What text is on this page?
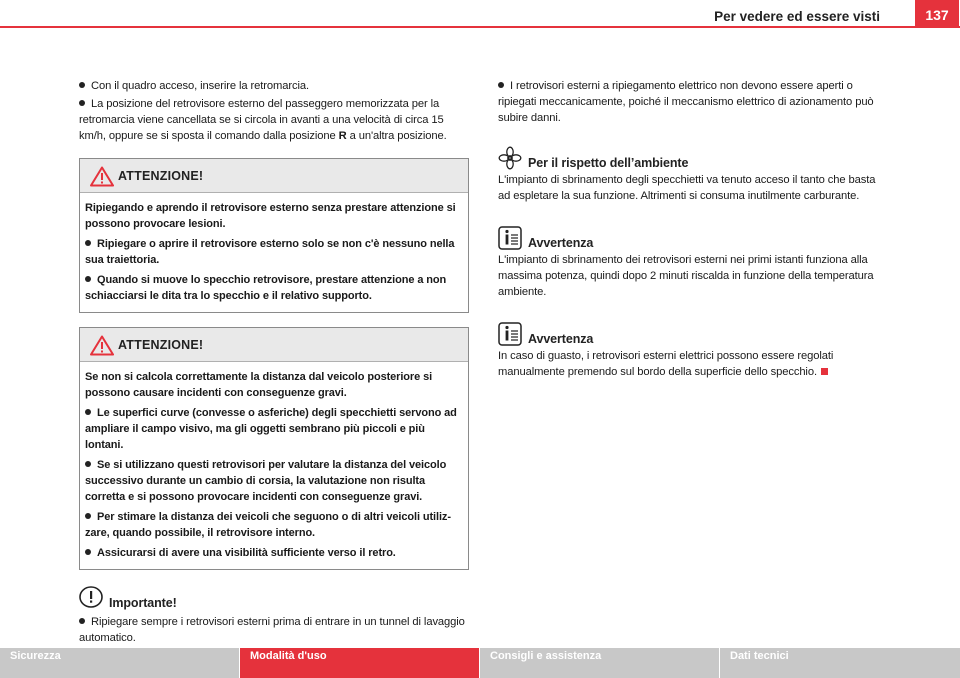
Per vedere ed essere visti	137

Con il quadro acceso, inserire la retromarcia.

La posizione del retrovisore esterno del passeggero memorizzata per la retromarcia viene cancellata se si circola in avanti a una velocità di circa 15 km/h, oppure se si sposta il comando dalla posizione R a un'altra posizione.

ATTENZIONE!

Ripiegando e aprendo il retrovisore esterno senza prestare attenzione si possono provocare lesioni.

Ripiegare o aprire il retrovisore esterno solo se non c'è nessuno nella sua traiettoria.

Quando si muove lo specchio retrovisore, prestare attenzione a non schiacciarsi le dita tra lo specchio e il relativo supporto.

ATTENZIONE!

Se non si calcola correttamente la distanza dal veicolo posteriore si possono causare incidenti con conseguenze gravi.

Le superfici curve (convesse o asferiche) degli specchietti servono ad ampliare il campo visivo, ma gli oggetti sembrano più piccoli e più lontani.

Se si utilizzano questi retrovisori per valutare la distanza del veicolo successivo durante un cambio di corsia, la valutazione non risulta corretta e si possono provocare incidenti con conseguenze gravi.

Per stimare la distanza dei veicoli che seguono o di altri veicoli utilizzare, quando possibile, il retrovisore interno.

Assicurarsi di avere una visibilità sufficiente verso il retro.

Importante!

Ripiegare sempre i retrovisori esterni prima di entrare in un tunnel di lavaggio automatico.

I retrovisori esterni a ripiegamento elettrico non devono essere aperti o ripiegati meccanicamente, poiché il meccanismo elettrico di azionamento può subire danni.

Per il rispetto dell’ambiente

L'impianto di sbrinamento degli specchietti va tenuto acceso il tanto che basta ad espletare la sua funzione. Altrimenti si consuma inutilmente carburante.

Avvertenza

L'impianto di sbrinamento dei retrovisori esterni nei primi istanti funziona alla massima potenza, quindi dopo 2 minuti riscalda in funzione della temperatura ambiente.

Avvertenza

In caso di guasto, i retrovisori esterni elettrici possono essere regolati manualmente premendo sul bordo della superficie dello specchio.

Sicurezza	Modalità d'uso	Consigli e assistenza	Dati tecnici
